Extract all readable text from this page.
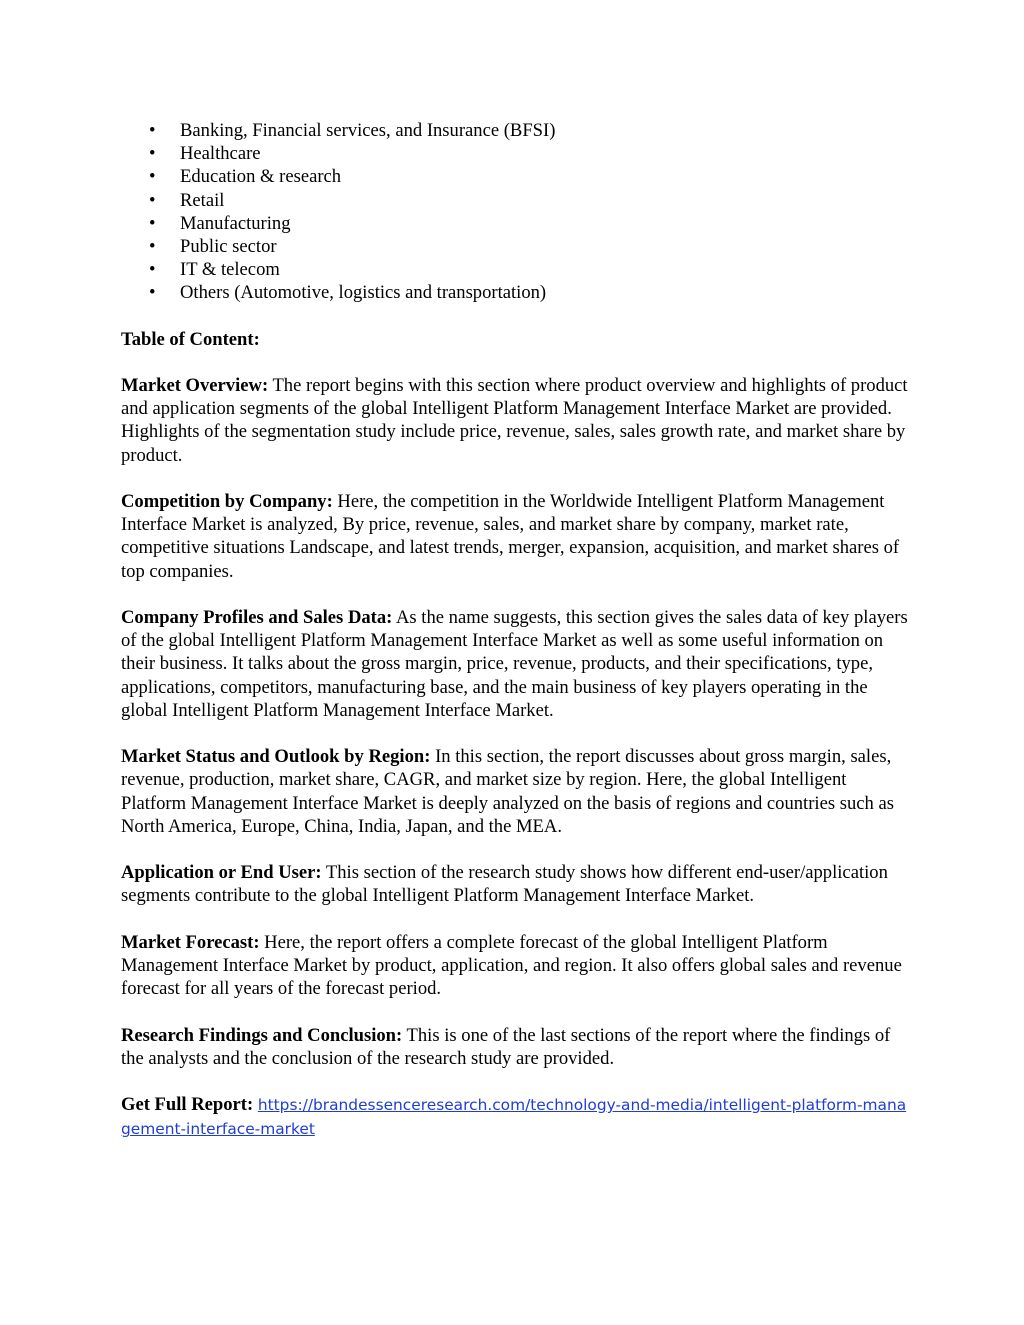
• Banking, Financial services, and Insurance (BFSI)
• Healthcare
• Education & research
• Retail
• Manufacturing
• Public sector
• IT & telecom
• Others (Automotive, logistics and transportation)
Table of Content:

Market Overview: The report begins with this section where product overview and highlights of product and application segments of the global Intelligent Platform Management Interface Market are provided. Highlights of the segmentation study include price, revenue, sales, sales growth rate, and market share by product.

Competition by Company: Here, the competition in the Worldwide Intelligent Platform Management Interface Market is analyzed, By price, revenue, sales, and market share by company, market rate, competitive situations Landscape, and latest trends, merger, expansion, acquisition, and market shares of top companies.

Company Profiles and Sales Data: As the name suggests, this section gives the sales data of key players of the global Intelligent Platform Management Interface Market as well as some useful information on their business. It talks about the gross margin, price, revenue, products, and their specifications, type, applications, competitors, manufacturing base, and the main business of key players operating in the global Intelligent Platform Management Interface Market.

Market Status and Outlook by Region: In this section, the report discusses about gross margin, sales, revenue, production, market share, CAGR, and market size by region. Here, the global Intelligent Platform Management Interface Market is deeply analyzed on the basis of regions and countries such as North America, Europe, China, India, Japan, and the MEA.

Application or End User: This section of the research study shows how different end-user/application segments contribute to the global Intelligent Platform Management Interface Market.

Market Forecast: Here, the report offers a complete forecast of the global Intelligent Platform Management Interface Market by product, application, and region. It also offers global sales and revenue forecast for all years of the forecast period.

Research Findings and Conclusion: This is one of the last sections of the report where the findings of the analysts and the conclusion of the research study are provided.

Get Full Report: https://brandessenceresearch.com/technology-and-media/intelligent-platform-management-interface-market
